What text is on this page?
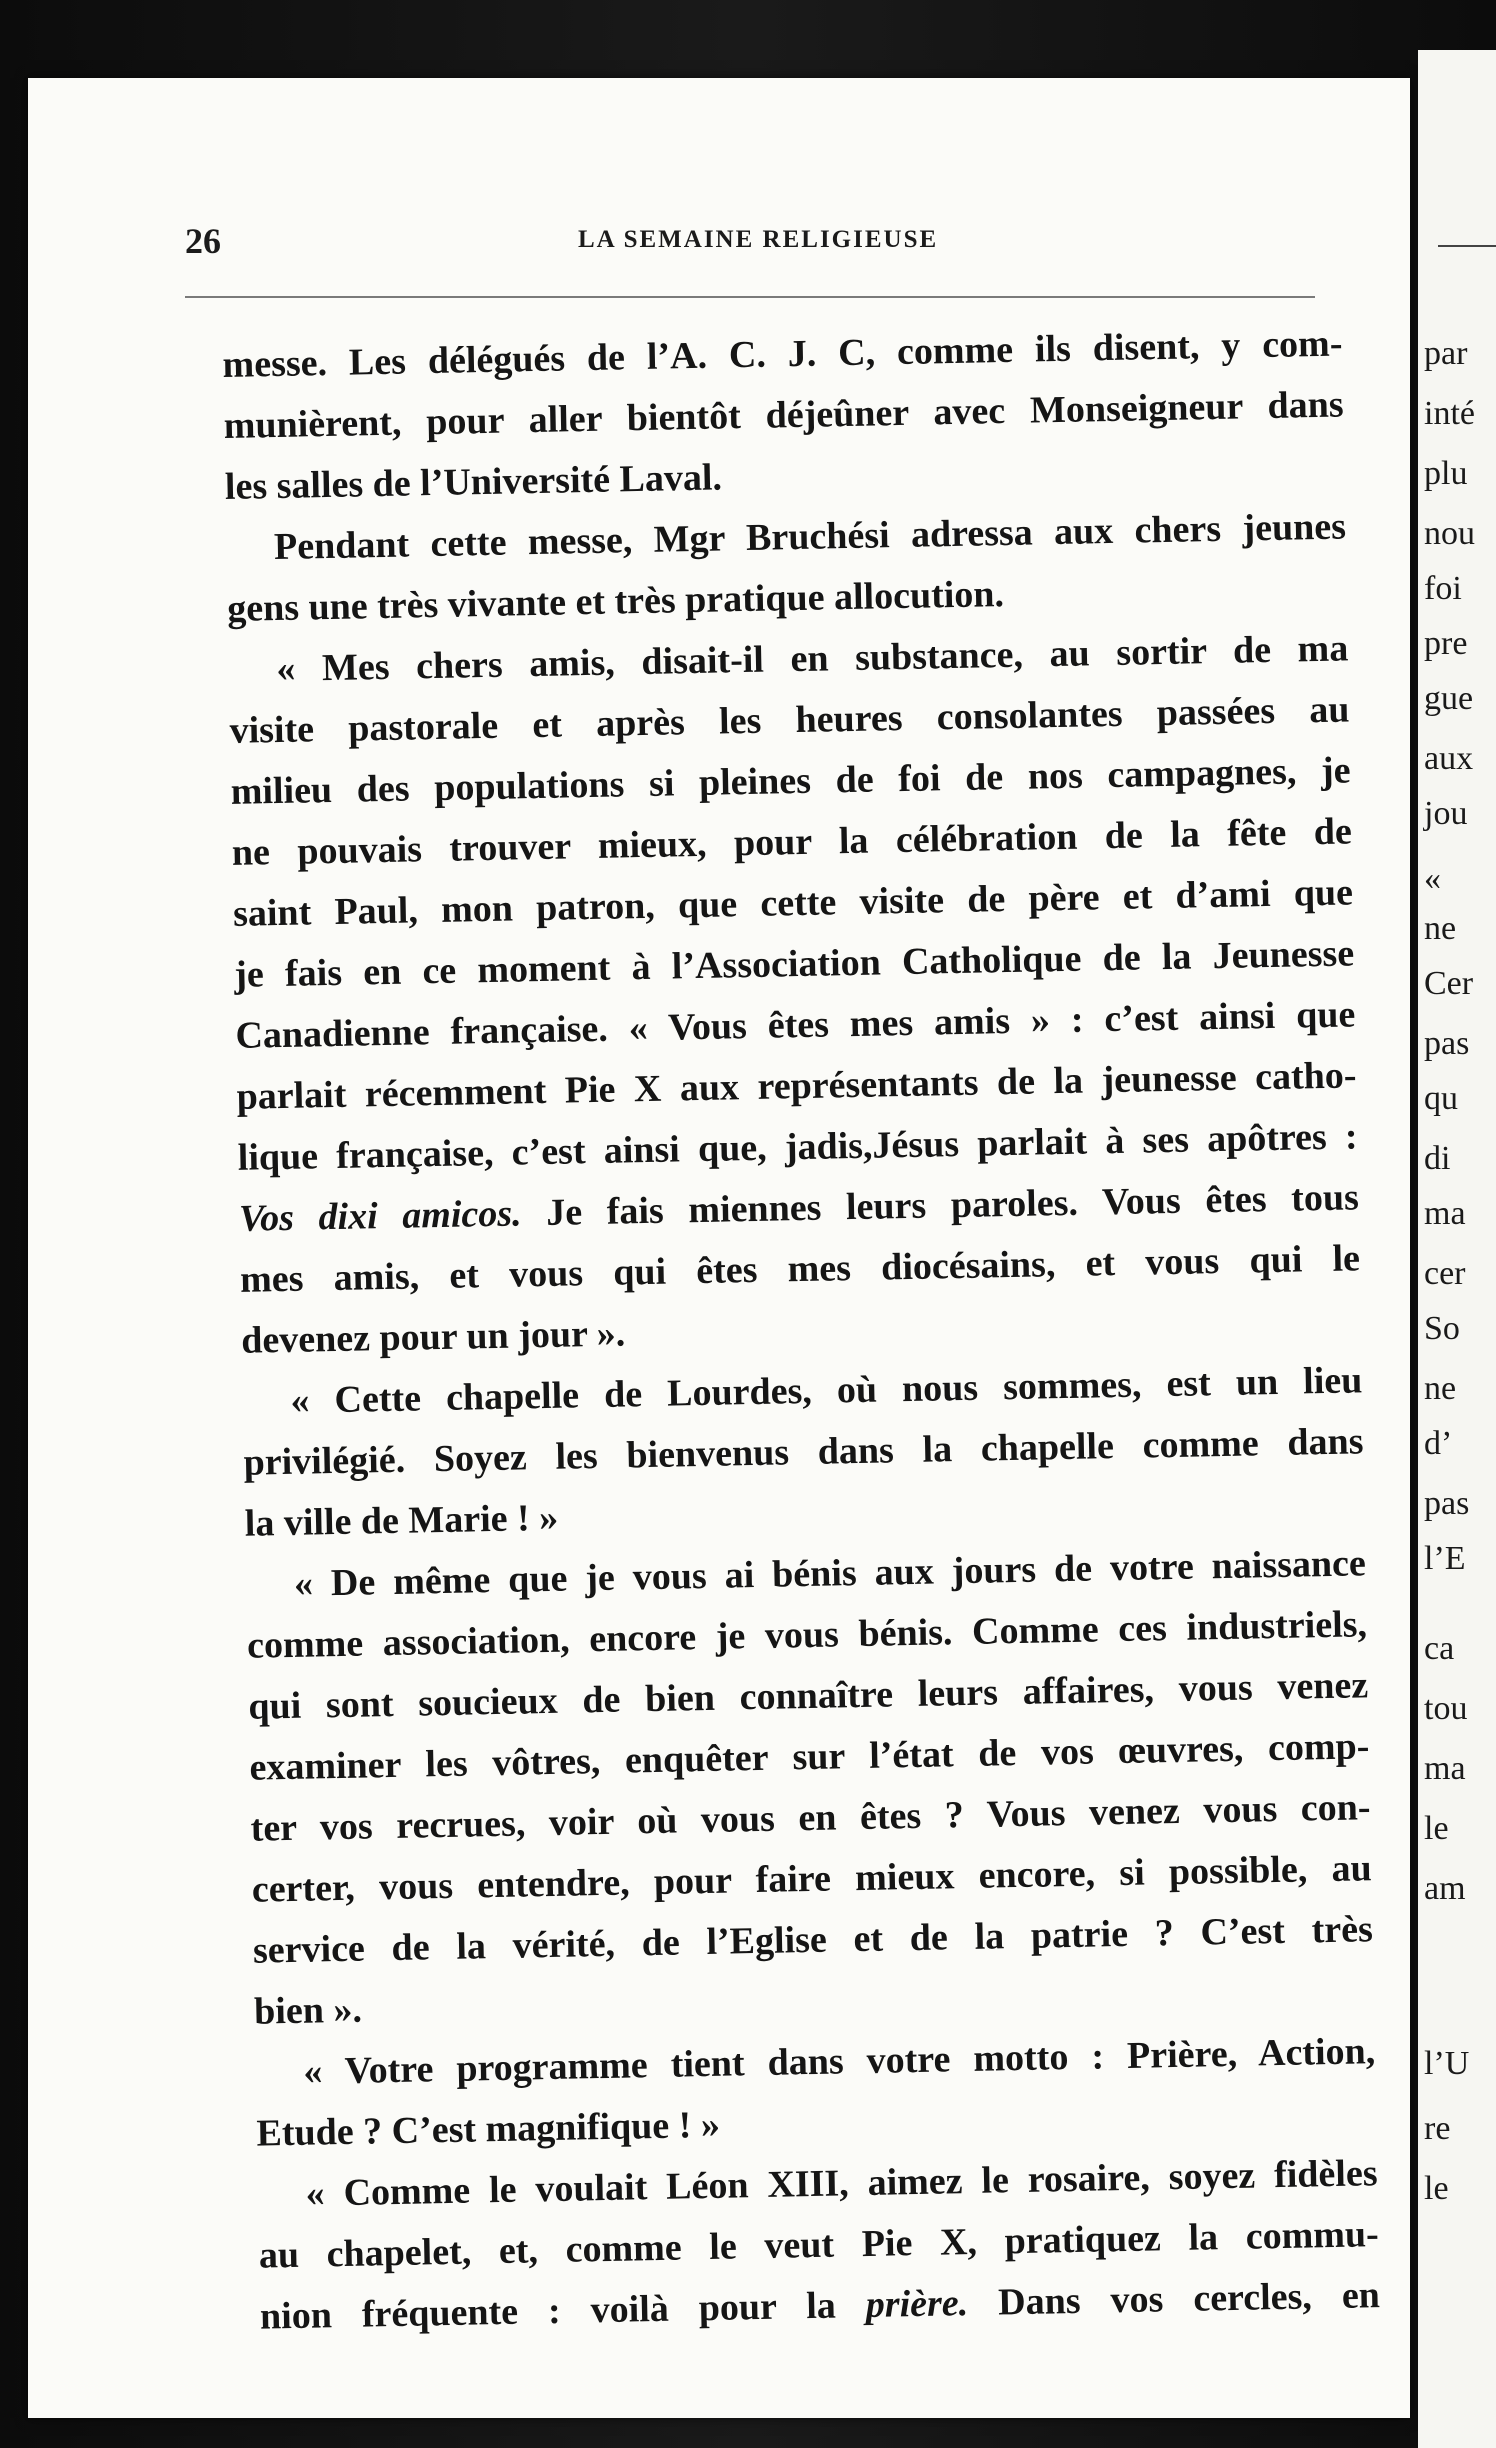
par
inté
plu
nou
foi
pre
gue
aux
jou
«
ne
Cer
pas
qu
di
ma
cer
So
ne
d’
pas
l’E
ca
tou
ma
le
am
l’U
re
le
26	LA SEMAINE RELIGIEUSE
messe. Les délégués de l’A. C. J. C, comme ils disent, y com-
munièrent, pour aller bientôt déjeûner avec Monseigneur dans
les salles de l’Université Laval.
Pendant cette messe, Mgr Bruchési adressa aux chers jeunes
gens une très vivante et très pratique allocution.
« Mes chers amis, disait-il en substance, au sortir de ma
visite pastorale et après les heures consolantes passées au
milieu des populations si pleines de foi de nos campagnes, je
ne pouvais trouver mieux, pour la célébration de la fête de
saint Paul, mon patron, que cette visite de père et d’ami que
je fais en ce moment à l’Association Catholique de la Jeunesse
Canadienne française. « Vous êtes mes amis » : c’est ainsi que
parlait récemment Pie X aux représentants de la jeunesse catho-
lique française, c’est ainsi que, jadis,Jésus parlait à ses apôtres :
Vos dixi amicos. Je fais miennes leurs paroles. Vous êtes tous
mes amis, et vous qui êtes mes diocésains, et vous qui le
devenez pour un jour ».
« Cette chapelle de Lourdes, où nous sommes, est un lieu
privilégié. Soyez les bienvenus dans la chapelle comme dans
la ville de Marie ! »
« De même que je vous ai bénis aux jours de votre naissance
comme association, encore je vous bénis. Comme ces industriels,
qui sont soucieux de bien connaître leurs affaires, vous venez
examiner les vôtres, enquêter sur l’état de vos œuvres, comp-
ter vos recrues, voir où vous en êtes ? Vous venez vous con-
certer, vous entendre, pour faire mieux encore, si possible, au
service de la vérité, de l’Eglise et de la patrie ? C’est très
bien ».
« Votre programme tient dans votre motto : Prière, Action,
Etude ? C’est magnifique ! »
« Comme le voulait Léon XIII, aimez le rosaire, soyez fidèles
au chapelet, et, comme le veut Pie X, pratiquez la commu-
nion fréquente : voilà pour la prière. Dans vos cercles, en
